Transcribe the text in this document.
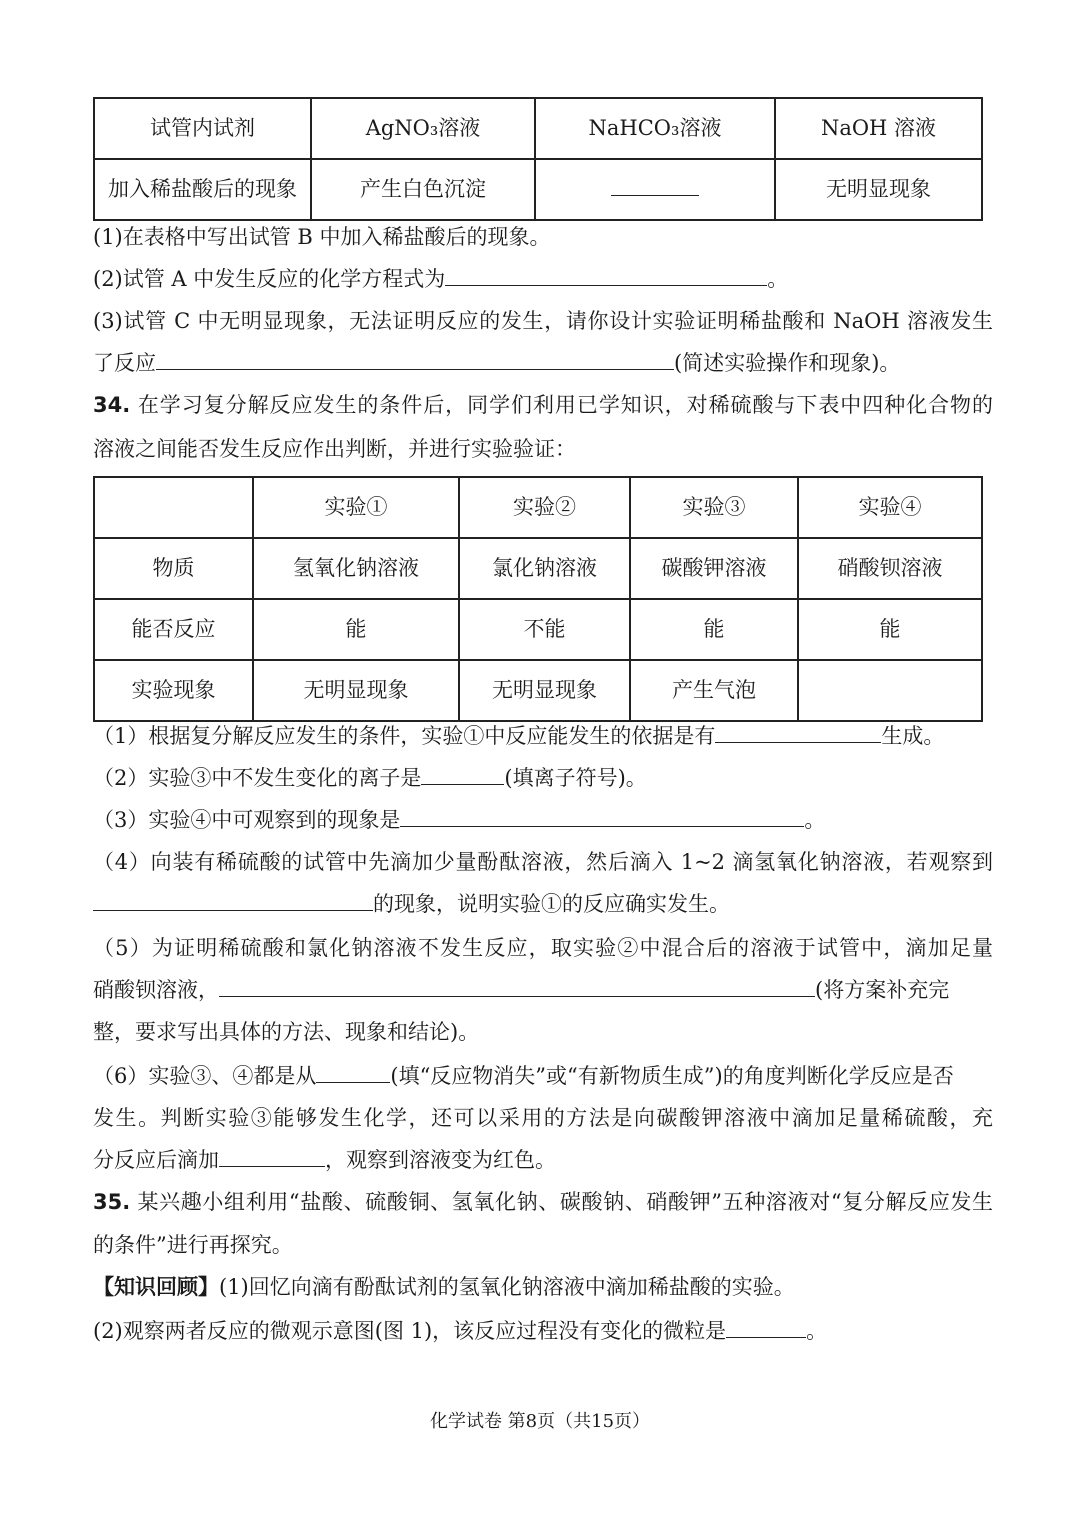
试管内试剂	AgNO₃溶液	NaHCO₃溶液	NaOH 溶液
加入稀盐酸后的现象	产生白色沉淀		无明显现象
(1)在表格中写出试管 B 中加入稀盐酸后的现象。
(2)试管 A 中发生反应的化学方程式为	。
(3)试管 C 中无明显现象，无法证明反应的发生，请你设计实验证明稀盐酸和 NaOH 溶液发生
了反应	(简述实验操作和现象)。
34. 在学习复分解反应发生的条件后，同学们利用已学知识，对稀硫酸与下表中四种化合物的
溶液之间能否发生反应作出判断，并进行实验验证：
	实验①	实验②	实验③	实验④
物质	氢氧化钠溶液	氯化钠溶液	碳酸钾溶液	硝酸钡溶液
能否反应	能	不能	能	能
实验现象	无明显现象	无明显现象	产生气泡	
（1）根据复分解反应发生的条件，实验①中反应能发生的依据是有	生成。
（2）实验③中不发生变化的离子是	(填离子符号)。
（3）实验④中可观察到的现象是	。
（4）向装有稀硫酸的试管中先滴加少量酚酞溶液，然后滴入 1~2 滴氢氧化钠溶液，若观察到
的现象，说明实验①的反应确实发生。
（5）为证明稀硫酸和氯化钠溶液不发生反应，取实验②中混合后的溶液于试管中，滴加足量
硝酸钡溶液，	(将方案补充完
整，要求写出具体的方法、现象和结论)。
（6）实验③、④都是从	(填“反应物消失”或“有新物质生成”)的角度判断化学反应是否
发生。判断实验③能够发生化学，还可以采用的方法是向碳酸钾溶液中滴加足量稀硫酸，充
分反应后滴加	，观察到溶液变为红色。
35. 某兴趣小组利用“盐酸、硫酸铜、氢氧化钠、碳酸钠、硝酸钾”五种溶液对“复分解反应发生
的条件”进行再探究。
【知识回顾】(1)回忆向滴有酚酞试剂的氢氧化钠溶液中滴加稀盐酸的实验。
(2)观察两者反应的微观示意图(图 1)，该反应过程没有变化的微粒是	。
化学试卷 第8页（共15页）
